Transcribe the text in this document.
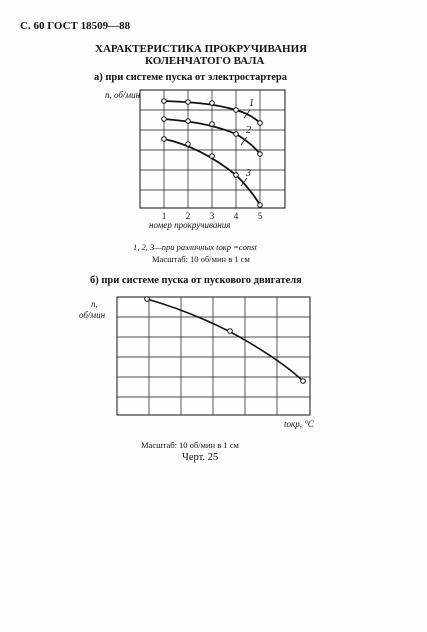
С. 60 ГОСТ 18509—88
ХАРАКТЕРИСТИКА ПРОКРУЧИВАНИЯ
КОЛЕНЧАТОГО ВАЛА
а) при системе пуска от электростартера
1, 2, 3—при различных tокр =const
Масштаб: 10 об/мин в 1 см
б) при системе пуска от пускового двигателя
Масштаб: 10 об/мин в 1 см
Черт. 25
n, об/мин
1
2
3
1 2 3 4 5
номер прокручивания
n,
об/мин
tокр, °C
